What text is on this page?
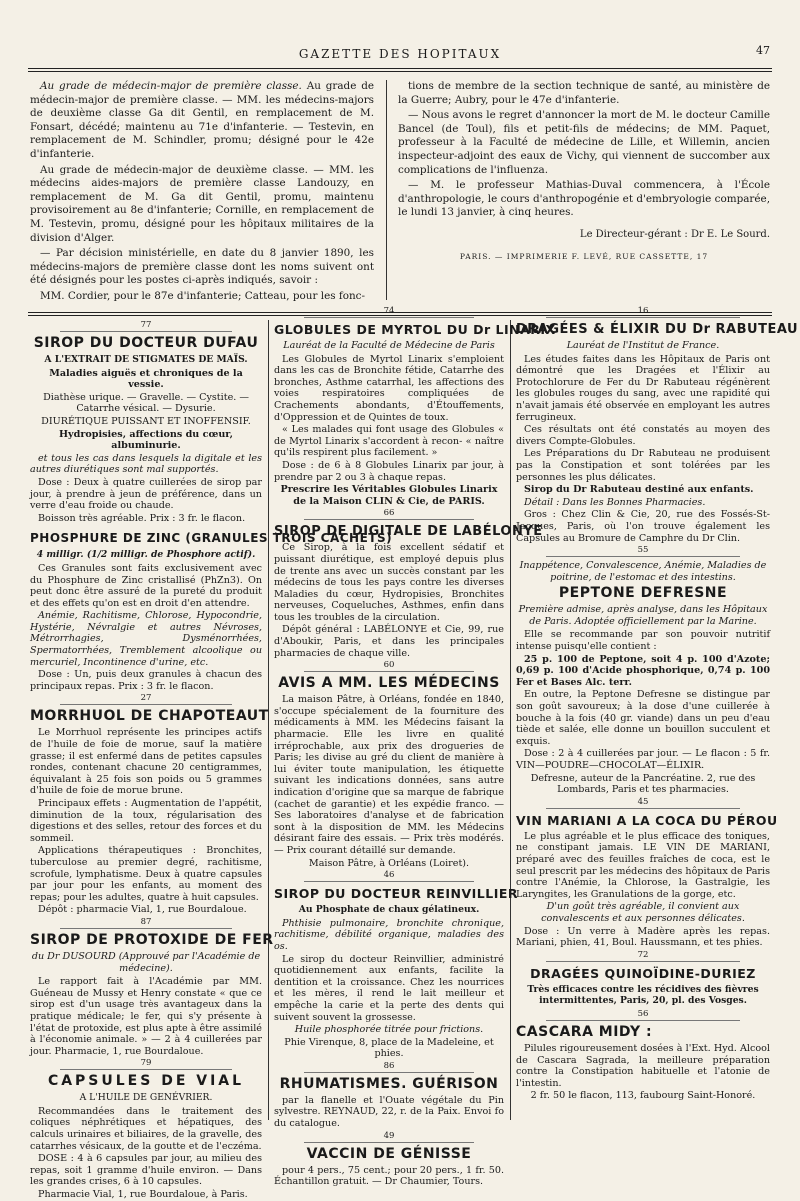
GAZETTE DES HOPITAUX	47

Au grade de médecin-major de première classe. Au grade de médecin-major de première classe. — MM. les médecins-majors de deuxième classe Ga dit Gentil, en remplacement de M. Fonsart, décédé; maintenu au 71e d'infanterie. — Testevin, en remplacement de M. Schindler, promu; désigné pour le 42e d'infanterie.

Au grade de médecin-major de deuxième classe. — MM. les médecins aides-majors de première classe Landouzy, en remplacement de M. Ga dit Gentil, promu, maintenu provisoirement au 8e d'infanterie; Cornille, en remplacement de M. Testevin, promu, désigné pour les hôpitaux militaires de la division d'Alger.

— Par décision ministérielle, en date du 8 janvier 1890, les médecins-majors de première classe dont les noms suivent ont été désignés pour les postes ci-après indiqués, savoir :

MM. Cordier, pour le 87e d'infanterie; Catteau, pour les fonc-

tions de membre de la section technique de santé, au ministère de la Guerre; Aubry, pour le 47e d'infanterie.

— Nous avons le regret d'annoncer la mort de M. le docteur Camille Bancel (de Toul), fils et petit-fils de médecins; de MM. Paquet, professeur à la Faculté de médecine de Lille, et Willemin, ancien inspecteur-adjoint des eaux de Vichy, qui viennent de succomber aux complications de l'influenza.

— M. le professeur Mathias-Duval commencera, à l'École d'anthropologie, le cours d'anthropogénie et d'embryologie comparée, le lundi 13 janvier, à cinq heures.

Le Directeur-gérant : Dr E. Le Sourd.
PARIS. — IMPRIMERIE F. LEVÉ, RUE CASSETTE, 17
77
SIROP DU DOCTEUR DUFAU
A L'EXTRAIT DE STIGMATES DE MAÏS.

Maladies aiguës et chroniques de la vessie.

Diathèse urique. — Gravelle. — Cystite. — Catarrhe vésical. — Dysurie.

DIURÉTIQUE PUISSANT ET INOFFENSIF.

Hydropisies, affections du cœur, albuminurie.

et tous les cas dans lesquels la digitale et les autres diurétiques sont mal supportés.

Dose : Deux à quatre cuillerées de sirop par jour, à prendre à jeun de préférence, dans un verre d'eau froide ou chaude.

Boisson très agréable. Prix : 3 fr. le flacon.

PHOSPHURE DE ZINC (GRANULES TROIS CACHETS)
4 milligr. (1/2 milligr. de Phosphore actif).

Ces Granules sont faits exclusivement avec du Phosphure de Zinc cristallisé (PhZn3). On peut donc être assuré de la pureté du produit et des effets qu'on est en droit d'en attendre.

Anémie, Rachitisme, Chlorose, Hypocondrie, Hystérie, Névralgie et autres Névroses, Métrorrhagies, Dysménorrhées, Spermatorrhées, Tremblement alcoolique ou mercuriel, Incontinence d'urine, etc.

Dose : Un, puis deux granules à chacun des principaux repas. Prix : 3 fr. le flacon.

27
MORRHUOL DE CHAPOTEAUT

Le Morrhuol représente les principes actifs de l'huile de foie de morue, sauf la matière grasse; il est enfermé dans de petites capsules rondes, contenant chacune 20 centigrammes, équivalant à 25 fois son poids ou 5 grammes d'huile de foie de morue brune.

Principaux effets : Augmentation de l'appétit, diminution de la toux, régularisation des digestions et des selles, retour des forces et du sommeil.

Applications thérapeutiques : Bronchites, tuberculose au premier degré, rachitisme, scrofule, lymphatisme. Deux à quatre capsules par jour pour les enfants, au moment des repas; pour les adultes, quatre à huit capsules.

Dépôt : pharmacie Vial, 1, rue Bourdaloue.

87
SIROP DE PROTOXIDE DE FER
du Dr DUSOURD (Approuvé par l'Académie de médecine).

Le rapport fait à l'Académie par MM. Guéneau de Mussy et Henry constate « que ce sirop est d'un usage très avantageux dans la pratique médicale; le fer, qui s'y présente à l'état de protoxide, est plus apte à être assimilé à l'économie animale. » — 2 à 4 cuillerées par jour. Pharmacie, 1, rue Bourdaloue.

79
CAPSULES DE VIAL
A L'HUILE DE GENÉVRIER.

Recommandées dans le traitement des coliques néphrétiques et hépatiques, des calculs urinaires et biliaires, de la gravelle, des catarrhes vésicaux, de la goutte et de l'eczéma.

DOSE : 4 à 6 capsules par jour, au milieu des repas, soit 1 gramme d'huile environ. — Dans les grandes crises, 6 à 10 capsules.

Pharmacie Vial, 1, rue Bourdaloue, à Paris.

74
GLOBULES DE MYRTOL DU Dr LINARIX
Lauréat de la Faculté de Médecine de Paris

Les Globules de Myrtol Linarix s'emploient dans les cas de Bronchite fétide, Catarrhe des bronches, Asthme catarrhal, les affections des voies respiratoires compliquées de Crachements abondants, d'Étouffements, d'Oppression et de Quintes de toux.

« Les malades qui font usage des Globules « de Myrtol Linarix s'accordent à recon- « naître qu'ils respirent plus facilement. »

Dose : de 6 à 8 Globules Linarix par jour, à prendre par 2 ou 3 à chaque repas.

Prescrire les Véritables Globules Linarix de la Maison CLIN & Cie, de PARIS.

66
SIROP DE DIGITALE DE LABÉLONYE

Ce Sirop, à la fois excellent sédatif et puissant diurétique, est employé depuis plus de trente ans avec un succès constant par les médecins de tous les pays contre les diverses Maladies du cœur, Hydropisies, Bronchites nerveuses, Coqueluches, Asthmes, enfin dans tous les troubles de la circulation.

Dépôt général : LABÉLONYE et Cie, 99, rue d'Aboukir, Paris, et dans les principales pharmacies de chaque ville.

60
AVIS A MM. LES MÉDECINS

La maison Pâtre, à Orléans, fondée en 1840, s'occupe spécialement de la fourniture des médicaments à MM. les Médecins faisant la pharmacie. Elle les livre en qualité irréprochable, aux prix des drogueries de Paris; les divise au gré du client de manière à lui éviter toute manipulation, les étiquette suivant les indications données, sans autre indication d'origine que sa marque de fabrique (cachet de garantie) et les expédie franco. — Ses laboratoires d'analyse et de fabrication sont à la disposition de MM. les Médecins désirant faire des essais. — Prix très modérés. — Prix courant détaillé sur demande.

Maison Pâtre, à Orléans (Loiret).

46
SIROP DU DOCTEUR REINVILLIER
Au Phosphate de chaux gélatineux.

Phthisie pulmonaire, bronchite chronique, rachitisme, débilité organique, maladies des os.

Le sirop du docteur Reinvillier, administré quotidiennement aux enfants, facilite la dentition et la croissance. Chez les nourrices et les mères, il rend le lait meilleur et empêche la carie et la perte des dents qui suivent souvent la grossesse.

Huile phosphorée titrée pour frictions.

Phie Virenque, 8, place de la Madeleine, et phies.

86
RHUMATISMES. GUÉRISON

par la flanelle et l'Ouate végétale du Pin sylvestre. REYNAUD, 22, r. de la Paix. Envoi fo du catalogue.

49
VACCIN DE GÉNISSE

pour 4 pers., 75 cent.; pour 20 pers., 1 fr. 50. Échantillon gratuit. — Dr Chaumier, Tours.

16
DRAGÉES & ÉLIXIR DU Dr RABUTEAU
Lauréat de l'Institut de France.

Les études faites dans les Hôpitaux de Paris ont démontré que les Dragées et l'Élixir au Protochlorure de Fer du Dr Rabuteau régénèrent les globules rouges du sang, avec une rapidité qui n'avait jamais été observée en employant les autres ferrugineux.

Ces résultats ont été constatés au moyen des divers Compte-Globules.

Les Préparations du Dr Rabuteau ne produisent pas la Constipation et sont tolérées par les personnes les plus délicates.

Sirop du Dr Rabuteau destiné aux enfants.

Détail : Dans les Bonnes Pharmacies.

Gros : Chez Clin & Cie, 20, rue des Fossés-St-Jacques, Paris, où l'on trouve également les Capsules au Bromure de Camphre du Dr Clin.

55
Inappétence, Convalescence, Anémie, Maladies de poitrine, de l'estomac et des intestins.
PEPTONE DEFRESNE
Première admise, après analyse, dans les Hôpitaux de Paris. Adoptée officiellement par la Marine.

Elle se recommande par son pouvoir nutritif intense puisqu'elle contient :

25 p. 100 de Peptone, soit 4 p. 100 d'Azote; 0,69 p. 100 d'Acide phosphorique, 0,74 p. 100 Fer et Bases Alc. terr.

En outre, la Peptone Defresne se distingue par son goût savoureux; à la dose d'une cuillerée à bouche à la fois (40 gr. viande) dans un peu d'eau tiède et salée, elle donne un bouillon succulent et exquis.

Dose : 2 à 4 cuillerées par jour. — Le flacon : 5 fr. VIN—POUDRE—CHOCOLAT—ÉLIXIR.

Defresne, auteur de la Pancréatine. 2, rue des Lombards, Paris et tes pharmacies.

45
VIN MARIANI A LA COCA DU PÉROU

Le plus agréable et le plus efficace des toniques, ne constipant jamais. LE VIN DE MARIANI, préparé avec des feuilles fraîches de coca, est le seul prescrit par les médecins des hôpitaux de Paris contre l'Anémie, la Chlorose, la Gastralgie, les Laryngites, les Granulations de la gorge, etc.

D'un goût très agréable, il convient aux convalescents et aux personnes délicates.

Dose : Un verre à Madère après les repas. Mariani, phien, 41, Boul. Haussmann, et tes phies.

72
DRAGÉES QUINOÏDINE-DURIEZ
Très efficaces contre les récidives des fièvres intermittentes, Paris, 20, pl. des Vosges.
56
CASCARA MIDY :

Pilules rigoureusement dosées à l'Ext. Hyd. Alcool de Cascara Sagrada, la meilleure préparation contre la Constipation habituelle et l'atonie de l'intestin.

2 fr. 50 le flacon, 113, faubourg Saint-Honoré.
